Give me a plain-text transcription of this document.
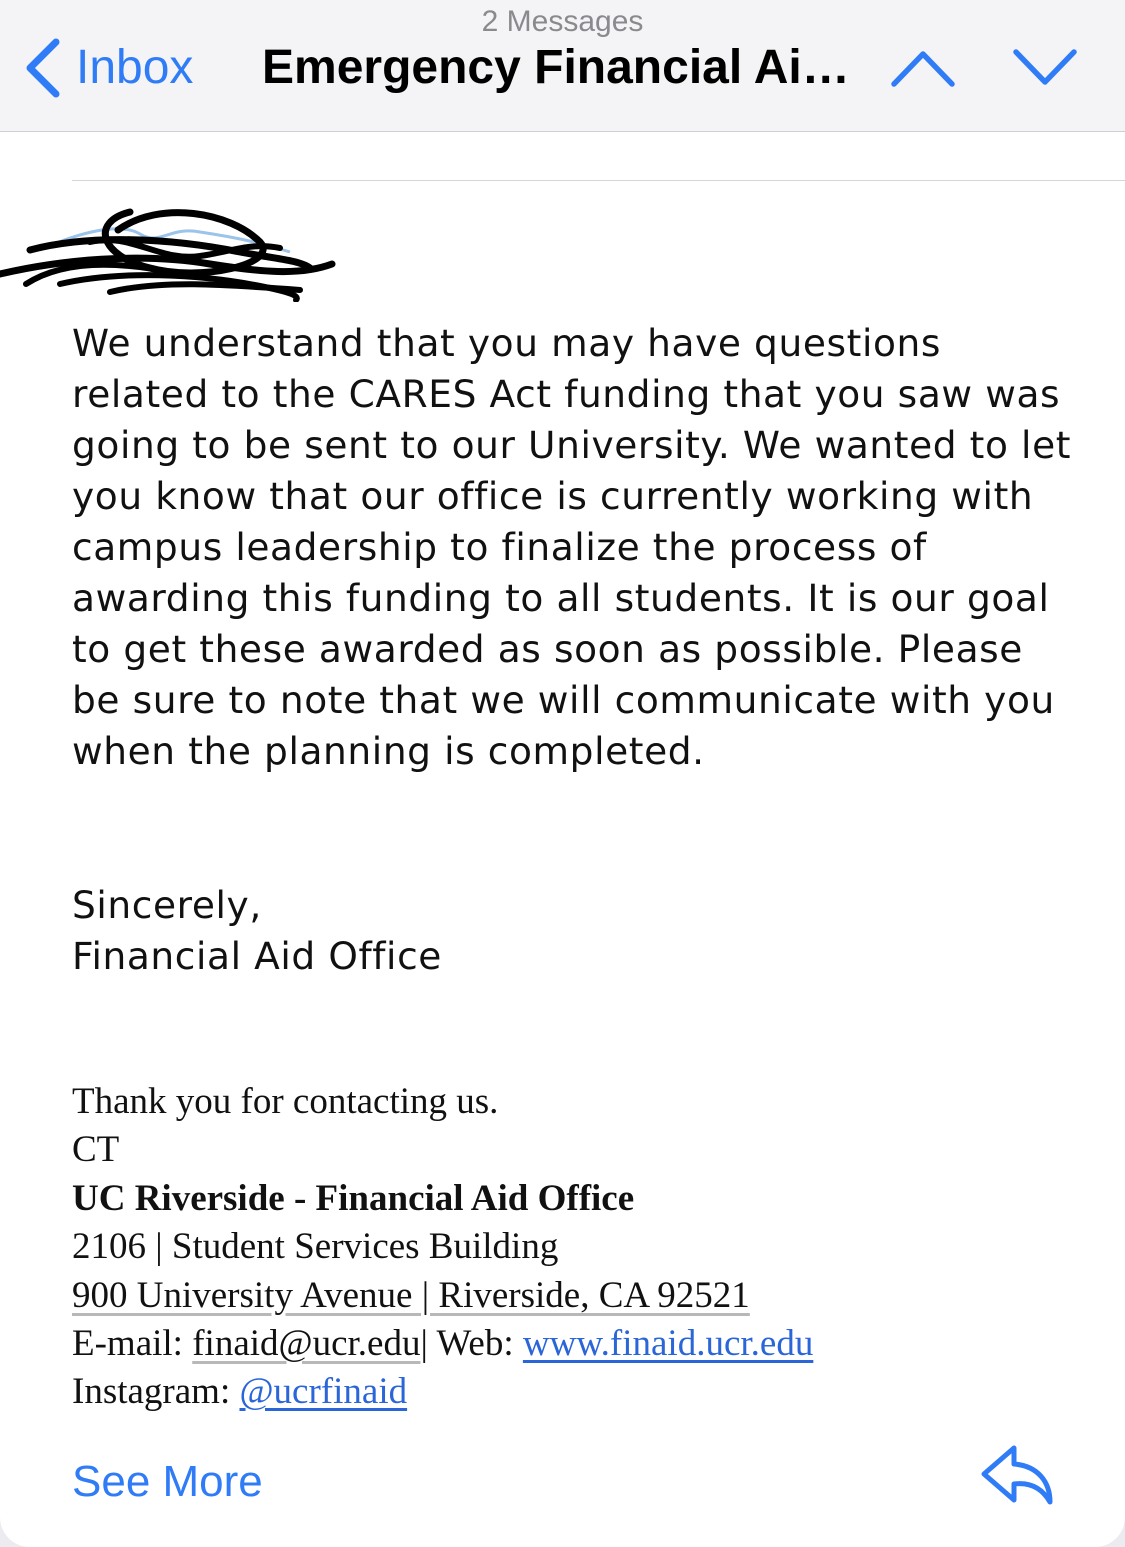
2 Messages
Inbox Emergency Financial Ai…

We understand that you may have questions related to the CARES Act funding that you saw was going to be sent to our University. We wanted to let you know that our office is currently working with campus leadership to finalize the process of awarding this funding to all students. It is our goal to get these awarded as soon as possible. Please be sure to note that we will communicate with you when the planning is completed.

Sincerely,
Financial Aid Office
Thank you for contacting us.
CT
UC Riverside - Financial Aid Office
2106 | Student Services Building
900 University Avenue | Riverside, CA 92521
E-mail: finaid@ucr.edu| Web: www.finaid.ucr.edu
Instagram: @ucrfinaid
See More
